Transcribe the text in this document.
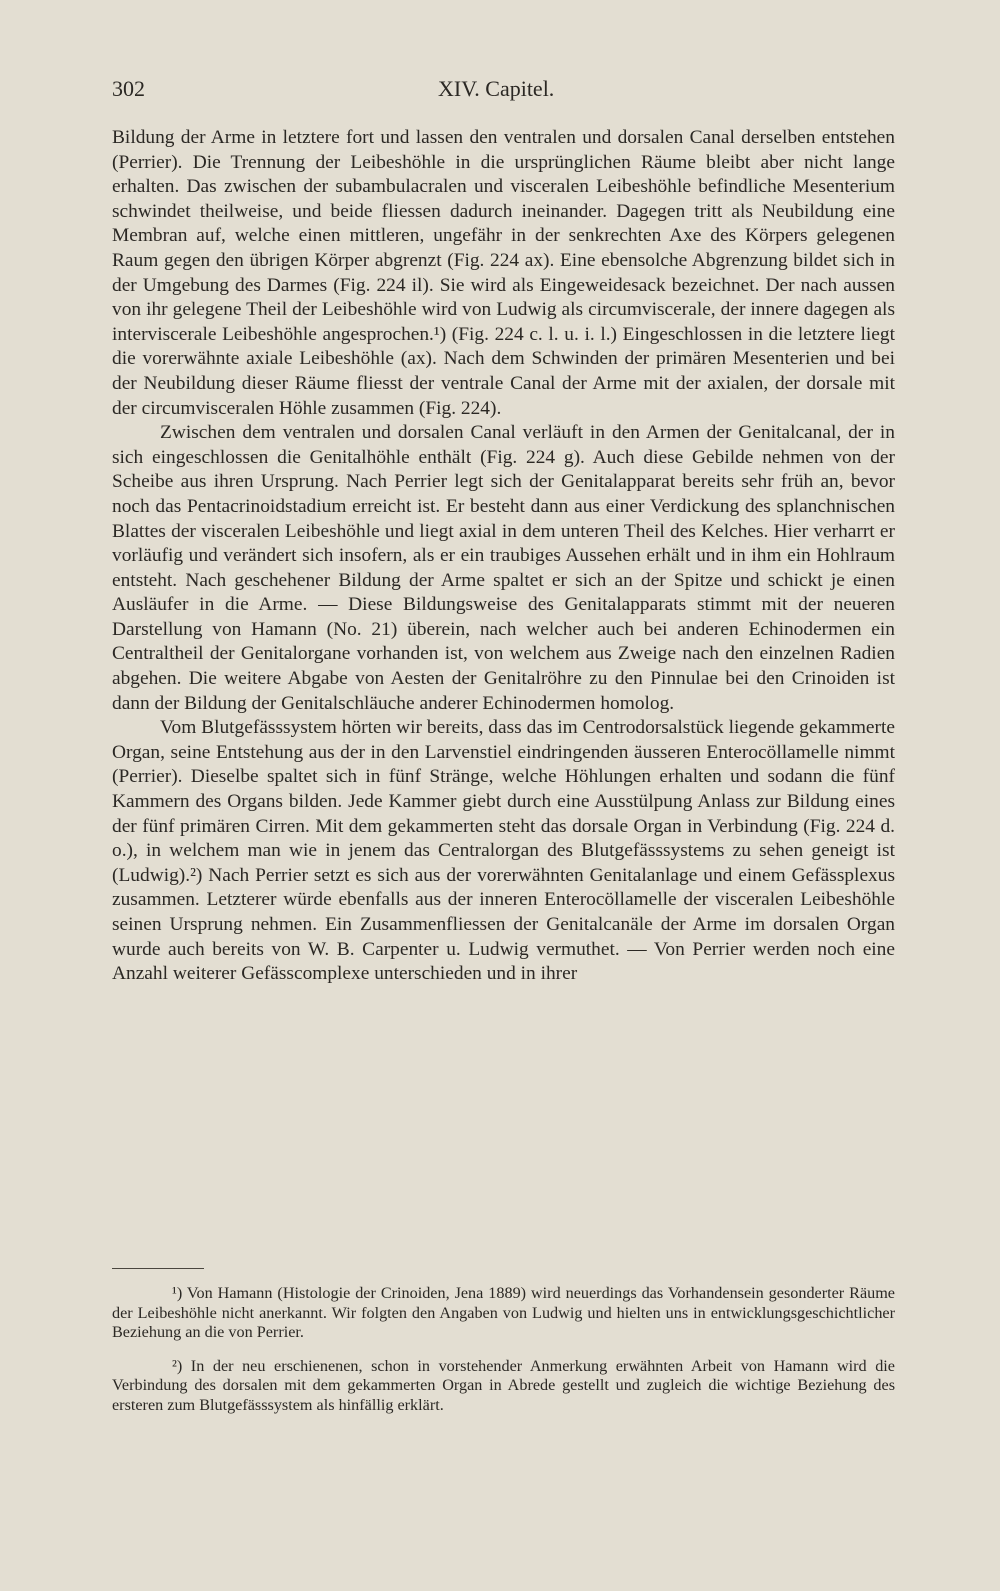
302	XIV. Capitel.

Bildung der Arme in letztere fort und lassen den ventralen und dorsalen Canal derselben entstehen (Perrier). Die Trennung der Leibeshöhle in die ursprünglichen Räume bleibt aber nicht lange erhalten. Das zwischen der subambulacralen und visceralen Leibeshöhle befindliche Mesenterium schwindet theilweise, und beide fliessen dadurch ineinander. Dagegen tritt als Neubildung eine Membran auf, welche einen mittleren, ungefähr in der senkrechten Axe des Körpers gelegenen Raum gegen den übrigen Körper abgrenzt (Fig. 224 ax). Eine ebensolche Abgrenzung bildet sich in der Umgebung des Darmes (Fig. 224 il). Sie wird als Eingeweidesack bezeichnet. Der nach aussen von ihr gelegene Theil der Leibeshöhle wird von Ludwig als circumviscerale, der innere dagegen als interviscerale Leibeshöhle angesprochen.¹) (Fig. 224 c. l. u. i. l.) Eingeschlossen in die letztere liegt die vorerwähnte axiale Leibeshöhle (ax). Nach dem Schwinden der primären Mesenterien und bei der Neubildung dieser Räume fliesst der ventrale Canal der Arme mit der axialen, der dorsale mit der circumvisceralen Höhle zusammen (Fig. 224).

Zwischen dem ventralen und dorsalen Canal verläuft in den Armen der Genitalcanal, der in sich eingeschlossen die Genitalhöhle enthält (Fig. 224 g). Auch diese Gebilde nehmen von der Scheibe aus ihren Ursprung. Nach Perrier legt sich der Genitalapparat bereits sehr früh an, bevor noch das Pentacrinoidstadium erreicht ist. Er besteht dann aus einer Verdickung des splanchnischen Blattes der visceralen Leibeshöhle und liegt axial in dem unteren Theil des Kelches. Hier verharrt er vorläufig und verändert sich insofern, als er ein traubiges Aussehen erhält und in ihm ein Hohlraum entsteht. Nach geschehener Bildung der Arme spaltet er sich an der Spitze und schickt je einen Ausläufer in die Arme. — Diese Bildungsweise des Genitalapparats stimmt mit der neueren Darstellung von Hamann (No. 21) überein, nach welcher auch bei anderen Echinodermen ein Centraltheil der Genitalorgane vorhanden ist, von welchem aus Zweige nach den einzelnen Radien abgehen. Die weitere Abgabe von Aesten der Genitalröhre zu den Pinnulae bei den Crinoiden ist dann der Bildung der Genitalschläuche anderer Echinodermen homolog.

Vom Blutgefässsystem hörten wir bereits, dass das im Centrodorsalstück liegende gekammerte Organ, seine Entstehung aus der in den Larvenstiel eindringenden äusseren Enterocöllamelle nimmt (Perrier). Dieselbe spaltet sich in fünf Stränge, welche Höhlungen erhalten und sodann die fünf Kammern des Organs bilden. Jede Kammer giebt durch eine Ausstülpung Anlass zur Bildung eines der fünf primären Cirren. Mit dem gekammerten steht das dorsale Organ in Verbindung (Fig. 224 d. o.), in welchem man wie in jenem das Centralorgan des Blutgefässsystems zu sehen geneigt ist (Ludwig).²) Nach Perrier setzt es sich aus der vorerwähnten Genitalanlage und einem Gefässplexus zusammen. Letzterer würde ebenfalls aus der inneren Enterocöllamelle der visceralen Leibeshöhle seinen Ursprung nehmen. Ein Zusammenfliessen der Genitalcanäle der Arme im dorsalen Organ wurde auch bereits von W. B. Carpenter u. Ludwig vermuthet. — Von Perrier werden noch eine Anzahl weiterer Gefässcomplexe unterschieden und in ihrer

¹) Von Hamann (Histologie der Crinoiden, Jena 1889) wird neuerdings das Vorhandensein gesonderter Räume der Leibeshöhle nicht anerkannt. Wir folgten den Angaben von Ludwig und hielten uns in entwicklungsgeschichtlicher Beziehung an die von Perrier.

²) In der neu erschienenen, schon in vorstehender Anmerkung erwähnten Arbeit von Hamann wird die Verbindung des dorsalen mit dem gekammerten Organ in Abrede gestellt und zugleich die wichtige Beziehung des ersteren zum Blutgefässsystem als hinfällig erklärt.
